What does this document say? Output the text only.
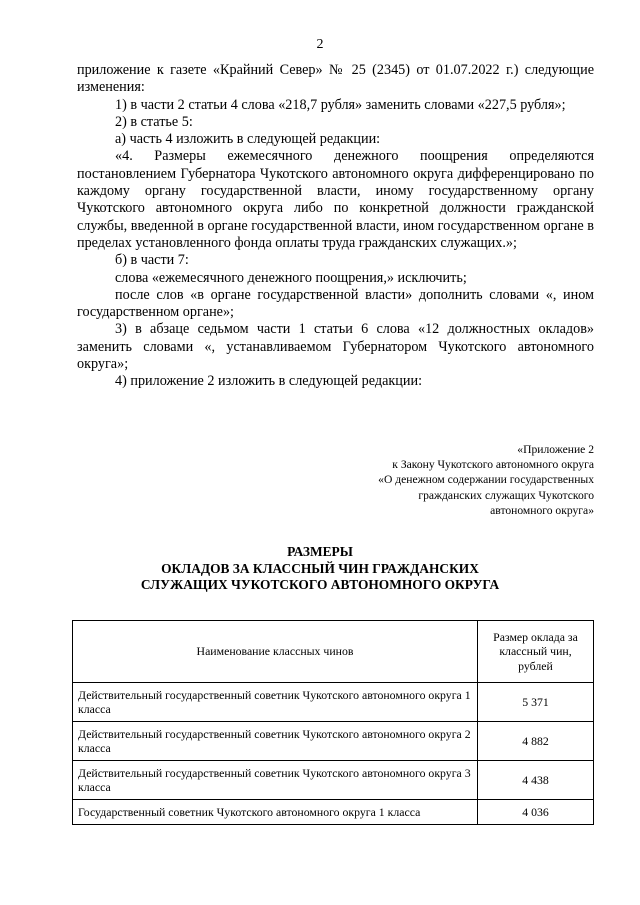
2

приложение к газете «Крайний Север» № 25 (2345) от 01.07.2022 г.) следующие изменения:

1) в части 2 статьи 4 слова «218,7 рубля» заменить словами «227,5 рубля»;

2) в статье 5:

а) часть 4 изложить в следующей редакции:

«4. Размеры ежемесячного денежного поощрения определяются постановлением Губернатора Чукотского автономного округа дифференцировано по каждому органу государственной власти, иному государственному органу Чукотского автономного округа либо по конкретной должности гражданской службы, введенной в органе государственной власти, ином государственном органе в пределах установленного фонда оплаты труда гражданских служащих.»;

б) в части 7:

слова «ежемесячного денежного поощрения,» исключить;

после слов «в органе государственной власти» дополнить словами «, ином государственном органе»;

3) в абзаце седьмом части 1 статьи 6 слова «12 должностных окладов» заменить словами «, устанавливаемом Губернатором Чукотского автономного округа»;

4) приложение 2 изложить в следующей редакции:

«Приложение 2
к Закону Чукотского автономного округа
«О денежном содержании государственных
гражданских служащих Чукотского
автономного округа»
РАЗМЕРЫ
ОКЛАДОВ ЗА КЛАССНЫЙ ЧИН ГРАЖДАНСКИХ
СЛУЖАЩИХ ЧУКОТСКОГО АВТОНОМНОГО ОКРУГА
Наименование классных чинов	Размер оклада за классный чин, рублей
Действительный государственный советник Чукотского автономного округа 1 класса	5 371
Действительный государственный советник Чукотского автономного округа 2 класса	4 882
Действительный государственный советник Чукотского автономного округа 3 класса	4 438
Государственный советник Чукотского автономного округа 1 класса	4 036
